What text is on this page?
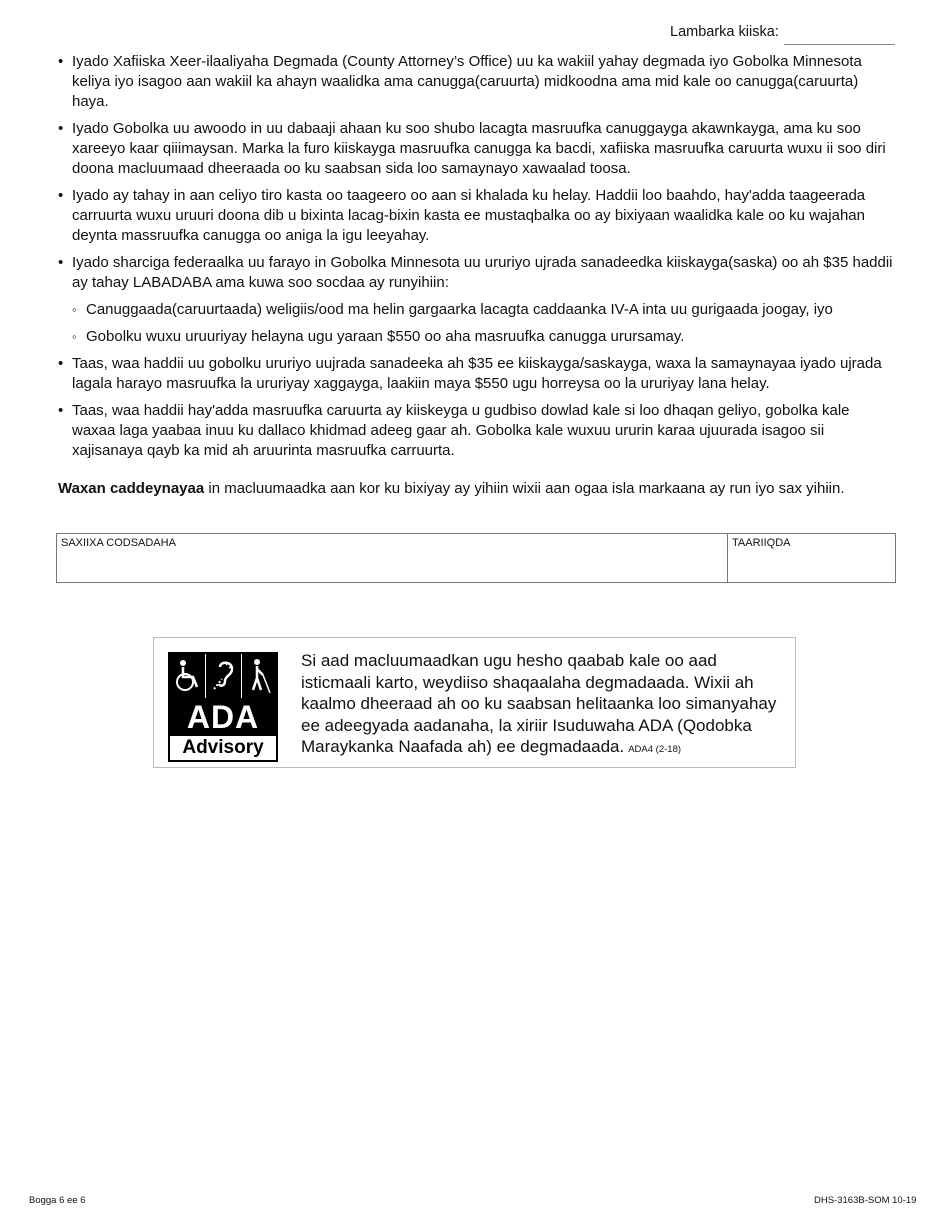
Lambarka kiiska:
• Iyado Xafiiska Xeer-ilaaliyaha Degmada (County Attorney’s Office) uu ka wakiil yahay degmada iyo Gobolka Minnesota keliya iyo isagoo aan wakiil ka ahayn waalidka ama canugga(caruurta) midkoodna ama mid kale oo canugga(caruurta) haya.
• Iyado Gobolka uu awoodo in uu dabaaji ahaan ku soo shubo lacagta masruufka canuggayga akawnkayga, ama ku soo xareeyo kaar qiiimaysan. Marka la furo kiiskayga masruufka canugga ka bacdi, xafiiska masruufka caruurta wuxu ii soo diri doona macluumaad dheeraada oo ku saabsan sida loo samaynayo xawaalad toosa.
• Iyado ay tahay in aan celiyo tiro kasta oo taageero oo aan si khalada ku helay. Haddii loo baahdo, hay'adda taageerada carruurta wuxu uruuri doona dib u bixinta lacag-bixin kasta ee mustaqbalka oo ay bixiyaan waalidka kale oo ku wajahan deynta massruufka canugga oo aniga la igu leeyahay.
• Iyado sharciga federaalka uu farayo in Gobolka Minnesota uu ururiyo ujrada sanadeedka kiiskayga(saska) oo ah $35 haddii ay tahay LABADABA ama kuwa soo socdaa ay runyihiin:
◦ Canuggaada(caruurtaada) weligiis/ood ma helin gargaarka lacagta caddaanka IV-A inta uu gurigaada joogay, iyo
◦ Gobolku wuxu uruuriyay helayna ugu yaraan $550 oo aha masruufka canugga urursamay.
• Taas, waa haddii uu gobolku ururiyo uujrada sanadeeka ah $35 ee kiiskayga/saskayga, waxa la samaynayaa iyado ujrada lagala harayo masruufka la ururiyay xaggayga, laakiin maya $550 ugu horreysa oo la ururiyay lana helay.
• Taas, waa haddii hay'adda masruufka caruurta ay kiiskeyga u gudbiso dowlad kale si loo dhaqan geliyo, gobolka kale waxaa laga yaabaa inuu ku dallaco khidmad adeeg gaar ah. Gobolka kale wuxuu ururin karaa ujuurada isagoo sii xajisanaya qayb ka mid ah aruurinta masruufka carruurta.

Waxan caddeynayaa in macluumaadka aan kor ku bixiyay ay yihiin wixii aan ogaa isla markaana ay run iyo sax yihiin.

SAXIIXA CODSADAHA	TAARIIQDA
ADA
Advisory

Si aad macluumaadkan ugu hesho qaabab kale oo aad isticmaali karto, weydiiso shaqaalaha degmadaada. Wixii ah kaalmo dheeraad ah oo ku saabsan helitaanka loo simanyahay ee adeegyada aadanaha, la xiriir Isuduwaha ADA (Qodobka Maraykanka Naafada ah) ee degmadaada. ADA4 (2-18)

Bogga 6 ee 6	DHS-3163B-SOM 10-19
